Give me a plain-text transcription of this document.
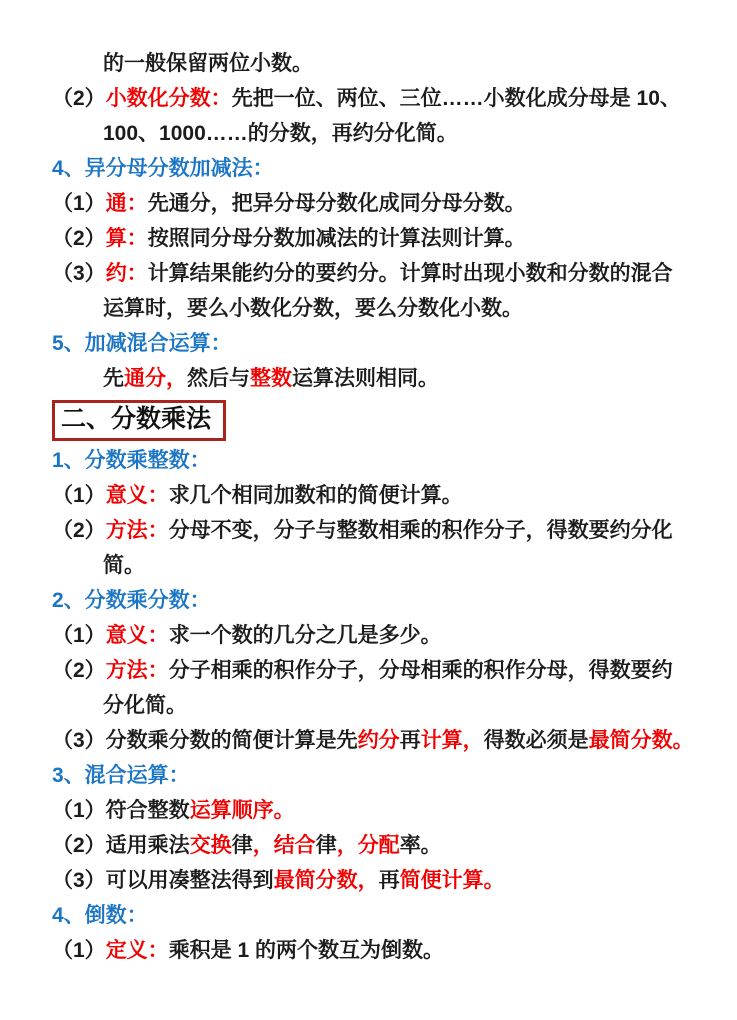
的一般保留两位小数。
（2）小数化分数：先把一位、两位、三位……小数化成分母是 10、
100、1000……的分数，再约分化简。
4、异分母分数加减法：
（1）通：先通分，把异分母分数化成同分母分数。
（2）算：按照同分母分数加减法的计算法则计算。
（3）约：计算结果能约分的要约分。计算时出现小数和分数的混合
运算时，要么小数化分数，要么分数化小数。
5、加减混合运算：
先通分，然后与整数运算法则相同。
二、分数乘法
1、分数乘整数：
（1）意义：求几个相同加数和的简便计算。
（2）方法：分母不变，分子与整数相乘的积作分子，得数要约分化
简。
2、分数乘分数：
（1）意义：求一个数的几分之几是多少。
（2）方法：分子相乘的积作分子，分母相乘的积作分母，得数要约
分化简。
（3）分数乘分数的简便计算是先约分再计算，得数必须是最简分数。
3、混合运算：
（1）符合整数运算顺序。
（2）适用乘法交换律，结合律，分配率。
（3）可以用凑整法得到最简分数，再简便计算。
4、倒数：
（1）定义：乘积是 1 的两个数互为倒数。
